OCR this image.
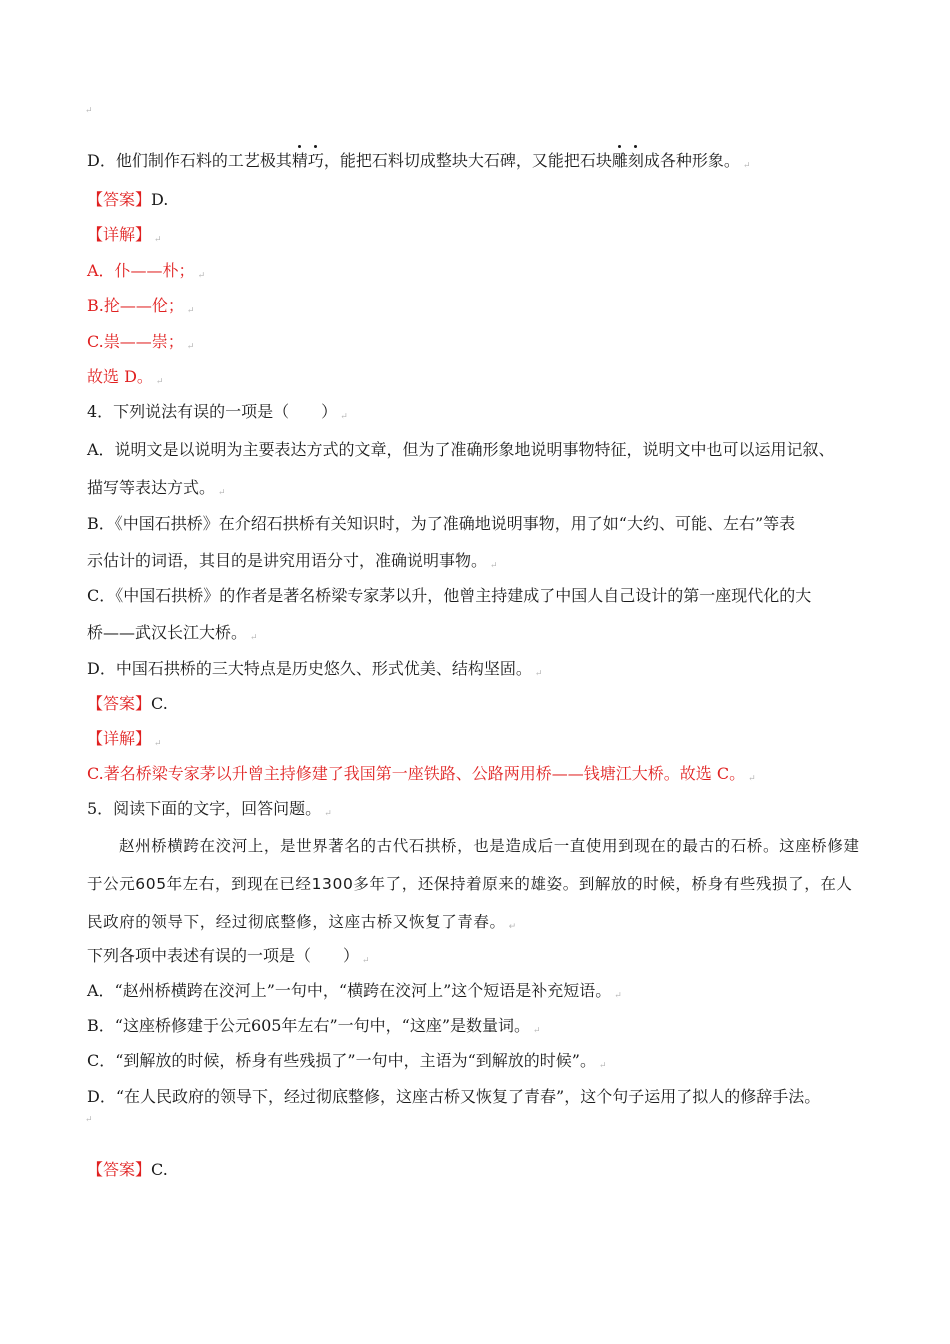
↵
D．他们制作石料的工艺极其精巧，能把石料切成整块大石碑，又能把石块雕刻成各种形象。 ↵
【答案】D.
【详解】 ↵
A．仆——朴； ↵
B.抡——伦； ↵
C.祟——崇； ↵
故选 D。 ↵
4．下列说法有误的一项是（　　） ↵
A．说明文是以说明为主要表达方式的文章，但为了准确形象地说明事物特征，说明文中也可以运用记叙、
描写等表达方式。 ↵
B．《中国石拱桥》在介绍石拱桥有关知识时，为了准确地说明事物，用了如“大约、可能、左右”等表
示估计的词语，其目的是讲究用语分寸，准确说明事物。 ↵
C．《中国石拱桥》的作者是著名桥梁专家茅以升，他曾主持建成了中国人自己设计的第一座现代化的大
桥——武汉长江大桥。 ↵
D．中国石拱桥的三大特点是历史悠久、形式优美、结构坚固。 ↵
【答案】C.
【详解】 ↵
C.著名桥梁专家茅以升曾主持修建了我国第一座铁路、公路两用桥——钱塘江大桥。故选 C。 ↵
5．阅读下面的文字，回答问题。 ↵
赵州桥横跨在洨河上，是世界著名的古代石拱桥，也是造成后一直使用到现在的最古的石桥。这座桥修建于公元605年左右，到现在已经1300多年了，还保持着原来的雄姿。到解放的时候，桥身有些残损了，在人民政府的领导下，经过彻底整修，这座古桥又恢复了青春。 ↵
下列各项中表述有误的一项是（　　） ↵
A．“赵州桥横跨在洨河上”一句中，“横跨在洨河上”这个短语是补充短语。 ↵
B．“这座桥修建于公元605年左右”一句中，“这座”是数量词。 ↵
C．“到解放的时候，桥身有些残损了”一句中，主语为“到解放的时候”。 ↵
D．“在人民政府的领导下，经过彻底整修，这座古桥又恢复了青春”，这个句子运用了拟人的修辞手法。
↵
【答案】C.
